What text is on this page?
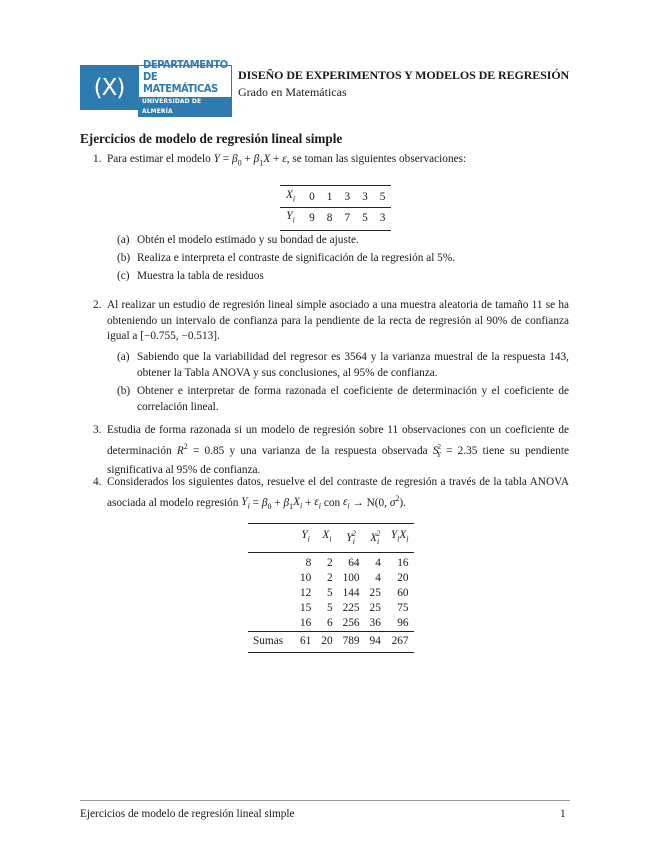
(X)
DEPARTAMENTO
DE MATEMÁTICAS
UNIVERSIDAD DE ALMERÍA
DISEÑO DE EXPERIMENTOS Y MODELOS DE REGRESIÓN
Grado en Matemáticas
Ejercicios de modelo de regresión lineal simple
1. Para estimar el modelo $Y = \beta_0 + \beta_1X + \varepsilon$, se toman las siguientes observaciones:
$X_i$	0	1	3	3	5
$Y_i$	9	8	7	5	3
(a) Obtén el modelo estimado y su bondad de ajuste.
(b) Realiza e interpreta el contraste de significación de la regresión al 5%.
(c) Muestra la tabla de residuos
2. Al realizar un estudio de regresión lineal simple asociado a una muestra aleatoria de tamaño 11 se ha obteniendo un intervalo de confianza para la pendiente de la recta de regresión al 90% de confianza igual a [−0.755, −0.513].
(a) Sabiendo que la variabilidad del regresor es 3564 y la varianza muestral de la respuesta 143, obtener la Tabla ANOVA y sus conclusiones, al 95% de confianza.
(b) Obtener e interpretar de forma razonada el coeficiente de determinación y el coeficiente de correlación lineal.
3. Estudia de forma razonada si un modelo de regresión sobre 11 observaciones con un coeficiente de determinación $R^2 = 0.85$ y una varianza de la respuesta observada $S^2_Y = 2.35$ tiene su pendiente significativa al 95% de confianza.
4. Considerados los siguientes datos, resuelve el del contraste de regresión a través de la tabla ANOVA asociada al modelo regresión $Y_i = \beta_0 + \beta_1X_i + \varepsilon_i$ con $\varepsilon_i \to N(0$, $\sigma^2$).
	$Y_i$	$X_i$	$Y_i^2$	$X_i^2$	$Y_iX_i$
	8	2	64	4	16
	10	2	100	4	20
	12	5	144	25	60
	15	5	225	25	75
	16	6	256	36	96
Sumas	61	20	789	94	267
Ejercicios de modelo de regresión lineal simple	1
